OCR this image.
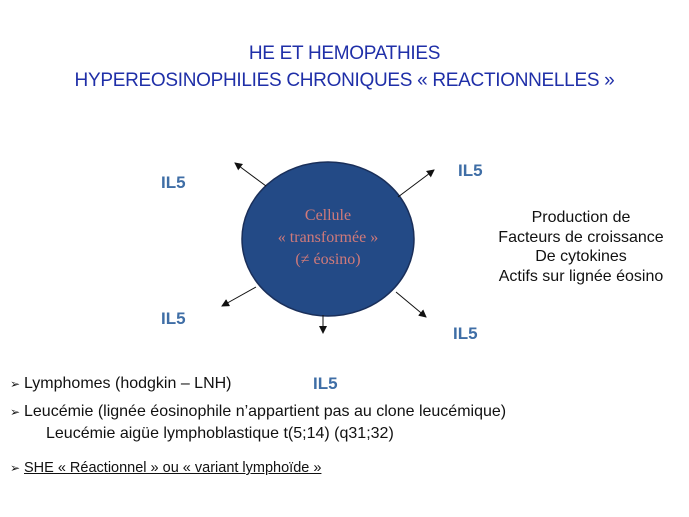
HE ET HEMOPATHIES
HYPEREOSINOPHILIES CHRONIQUES « REACTIONNELLES »
Cellule
« transformée »
(≠ éosino)
IL5
IL5
IL5
IL5
IL5
Production de
Facteurs de croissance
De cytokines
Actifs sur lignée éosino
➢ Lymphomes (hodgkin – LNH)
➢ Leucémie (lignée éosinophile n’appartient pas au clone leucémique)
Leucémie aigüe lymphoblastique t(5;14) (q31;32)
➢ SHE « Réactionnel » ou « variant lymphoïde »
